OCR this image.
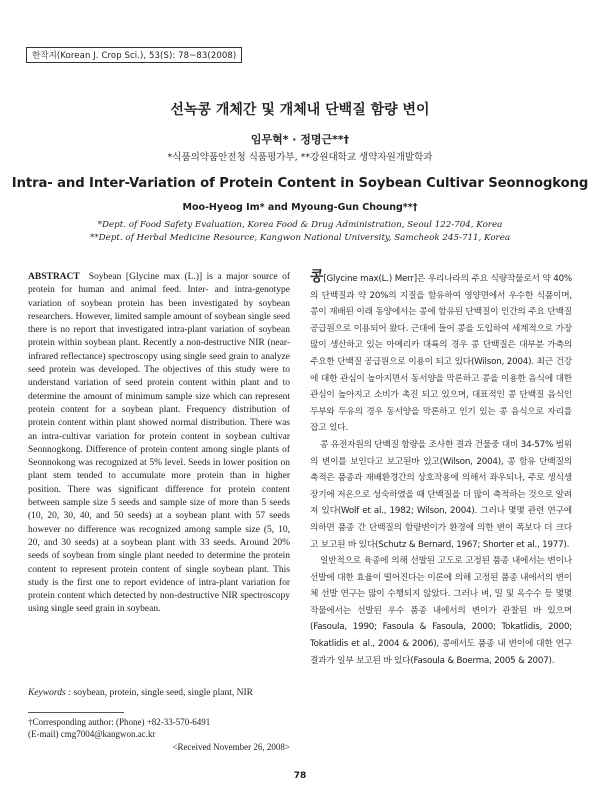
한작지(Korean J. Crop Sci.), 53(S): 78~83(2008)
선녹콩 개체간 및 개체내 단백질 함량 변이
임무혁* · 정명근**†
*식품의약품안전청 식품평가부, **강원대학교 생약자원개발학과
Intra- and Inter-Variation of Protein Content in Soybean Cultivar Seonnogkong
Moo-Hyeog Im* and Myoung-Gun Choung**†
*Dept. of Food Safety Evaluation, Korea Food & Drug Administration, Seoul 122-704, Korea
**Dept. of Herbal Medicine Resource, Kangwon National University, Samcheok 245-711, Korea
ABSTRACT Soybean [Glycine max (L.)] is a major source of protein for human and animal feed. Inter- and intra-genotype variation of soybean protein has been investigated by soybean researchers. However, limited sample amount of soybean single seed there is no report that investigated intra-plant variation of soybean protein within soybean plant. Recently a non-destructive NIR (near-infrared reflectance) spectroscopy using single seed grain to analyze seed protein was developed. The objectives of this study were to understand variation of seed protein content within plant and to determine the amount of minimum sample size which can represent protein content for a soybean plant. Frequency distribution of protein content within plant showed normal distribution. There was an intra-cultivar variation for protein content in soybean cultivar Seonnogkong. Difference of protein content among single plants of Seonnokong was recognized at 5% level. Seeds in lower position on plant stem tended to accumulate more protein than in higher position. There was significant difference for protein content between sample size 5 seeds and sample size of more than 5 seeds (10, 20, 30, 40, and 50 seeds) at a soybean plant with 57 seeds however no difference was recognized among sample size (5, 10, 20, and 30 seeds) at a soybean plant with 33 seeds. Around 20% seeds of soybean from single plant needed to determine the protein content to represent protein content of single soybean plant. This study is the first one to report evidence of intra-plant variation for protein content which detected by non-destructive NIR spectroscopy using single seed grain in soybean.
Keywords : soybean, protein, single seed, single plant, NIR
†Corresponding author: (Phone) +82-33-570-6491
(E-mail) cmg7004@kangwon.ac.kr
<Received November 26, 2008>

콩[Glycine max(L.) Merr]은 우리나라의 주요 식량작물로서 약 40%의 단백질과 약 20%의 지질을 함유하여 영양면에서 우수한 식품이며, 콩이 재배된 이래 동양에서는 콩에 함유된 단백질이 인간의 주요 단백질 공급원으로 이용되어 왔다. 근대에 들어 콩을 도입하여 세계적으로 가장 많이 생산하고 있는 아메리카 대륙의 경우 콩 단백질은 대부분 가축의 주요한 단백질 공급원으로 이용이 되고 있다(Wilson, 2004). 최근 건강에 대한 관심이 높아지면서 동서양을 막론하고 콩을 이용한 음식에 대한 관심이 높아지고 소비가 촉진 되고 있으며, 대표적인 콩 단백질 음식인 두부와 두유의 경우 동서양을 막론하고 인기 있는 콩 음식으로 자리를 잡고 있다.

콩 유전자원의 단백질 함량을 조사한 결과 건물중 대비 34-57% 범위의 변이를 보인다고 보고된바 있고(Wilson, 2004), 콩 함유 단백질의 축적은 품종과 재배환경간의 상호작용에 의해서 좌우되나, 주로 생식생장기에 저온으로 성숙하였을 때 단백질을 더 많이 축적하는 것으로 알려져 있다(Wolf et al., 1982; Wilson, 2004). 그러나 몇몇 관련 연구에 의하면 품종 간 단백질의 함량변이가 환경에 의한 변이 폭보다 더 크다고 보고된 바 있다(Schutz & Bernard, 1967; Shorter et al., 1977).

일반적으로 육종에 의해 선발된 고도로 고정된 품종 내에서는 변이나 선발에 대한 효율이 떨어진다는 이론에 의해 고정된 품종 내에서의 변이체 선발 연구는 많이 수행되지 않았다. 그러나 벼, 밀 및 옥수수 등 몇몇 작물에서는 선발된 우수 품종 내에서의 변이가 관찰된 바 있으며(Fasoula, 1990; Fasoula & Fasoula, 2000; Tokatlidis, 2000; Tokatlidis et al., 2004 & 2006), 콩에서도 품종 내 변이에 대한 연구결과가 일부 보고된 바 있다(Fasoula & Boerma, 2005 & 2007).

78
